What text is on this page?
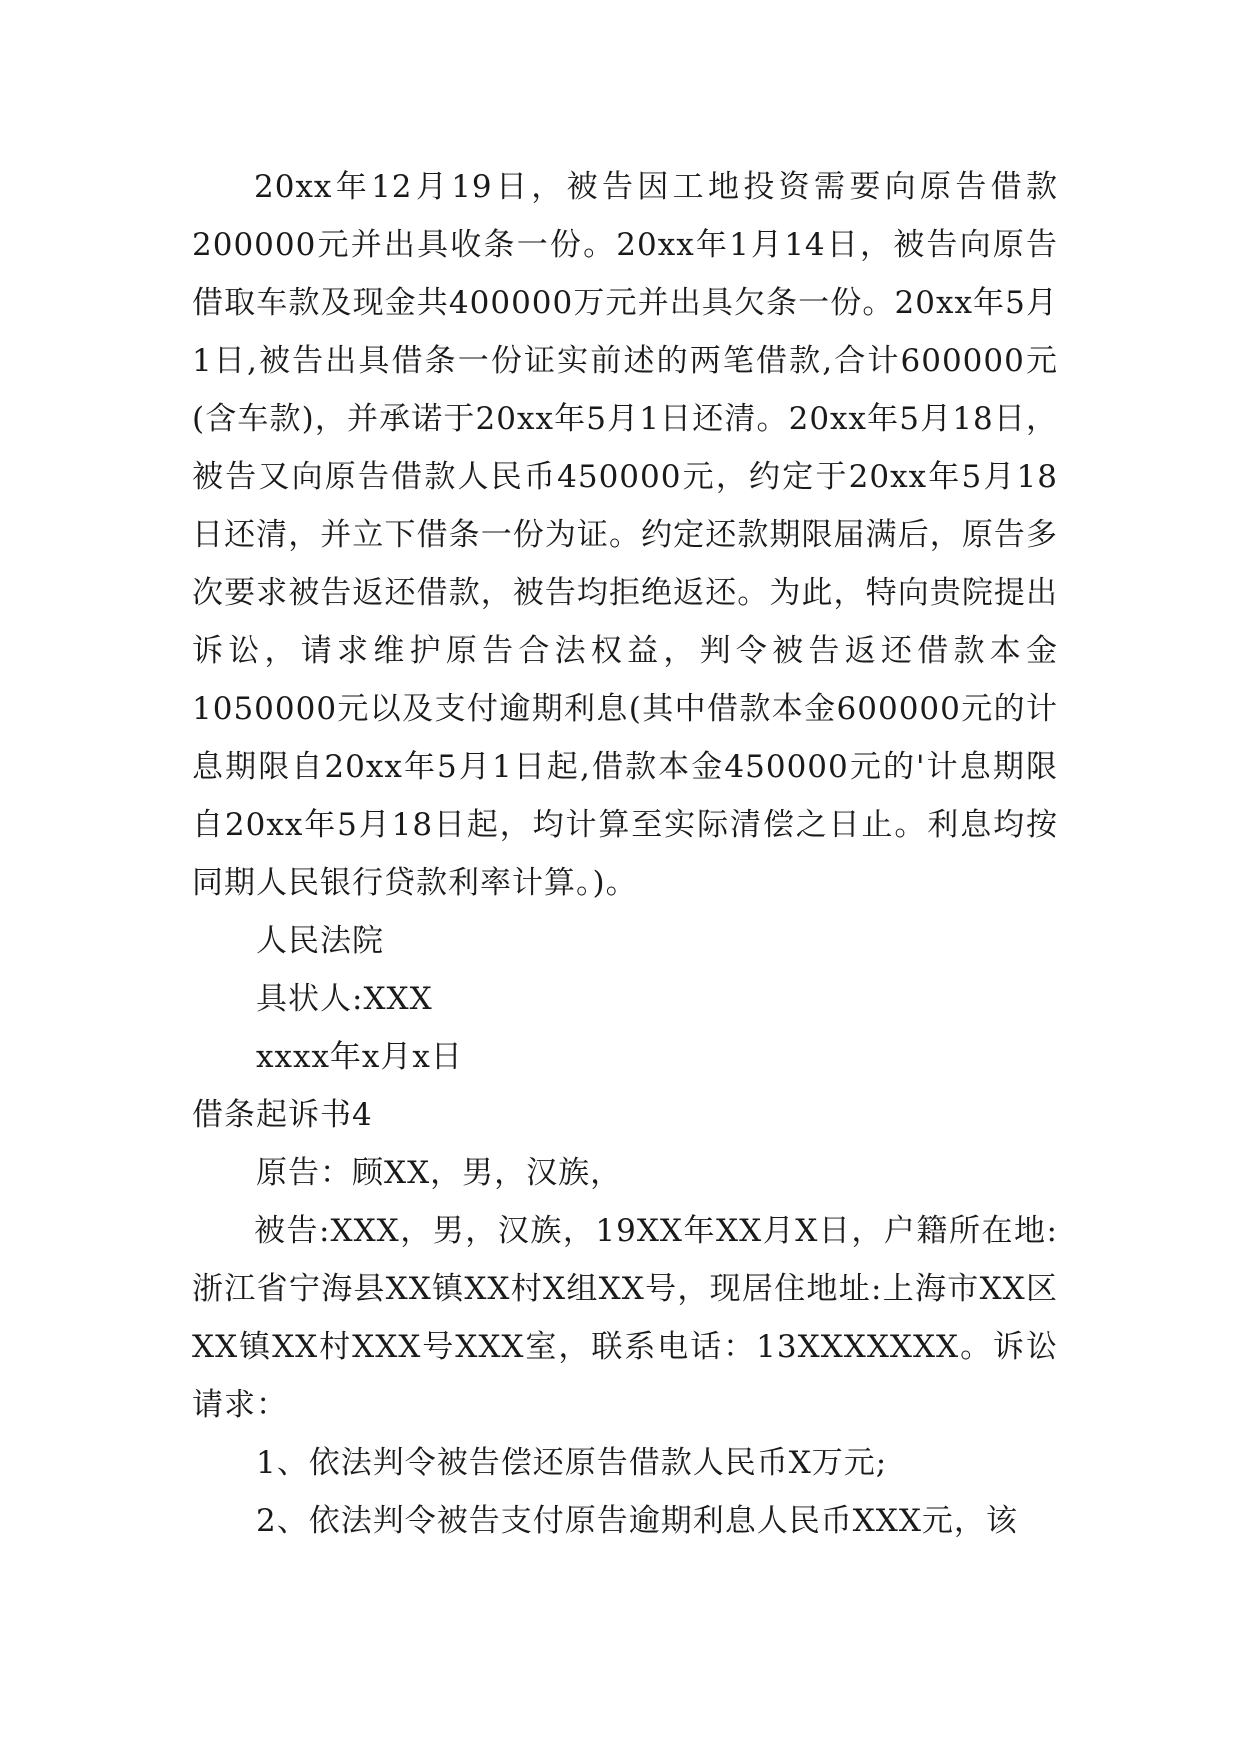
20xx年12月19日，被告因工地投资需要向原告借款200000元并出具收条一份。20xx年1月14日，被告向原告借取车款及现金共400000万元并出具欠条一份。20xx年5月1日,被告出具借条一份证实前述的两笔借款,合计600000元(含车款)，并承诺于20xx年5月1日还清。20xx年5月18日，被告又向原告借款人民币450000元，约定于20xx年5月18日还清，并立下借条一份为证。约定还款期限届满后，原告多次要求被告返还借款，被告均拒绝返还。为此，特向贵院提出诉讼，请求维护原告合法权益，判令被告返还借款本金1050000元以及支付逾期利息(其中借款本金600000元的计息期限自20xx年5月1日起,借款本金450000元的'计息期限自20xx年5月18日起，均计算至实际清偿之日止。利息均按同期人民银行贷款利率计算。)。

人民法院

具状人:XXX

xxxx年x月x日

借条起诉书4

原告：顾XX，男，汉族，

被告:XXX，男，汉族，19XX年XX月X日，户籍所在地:浙江省宁海县XX镇XX村X组XX号，现居住地址:上海市XX区XX镇XX村XXX号XXX室，联系电话：13XXXXXXX。诉讼请求：

1、依法判令被告偿还原告借款人民币X万元;

2、依法判令被告支付原告逾期利息人民币XXX元，该
